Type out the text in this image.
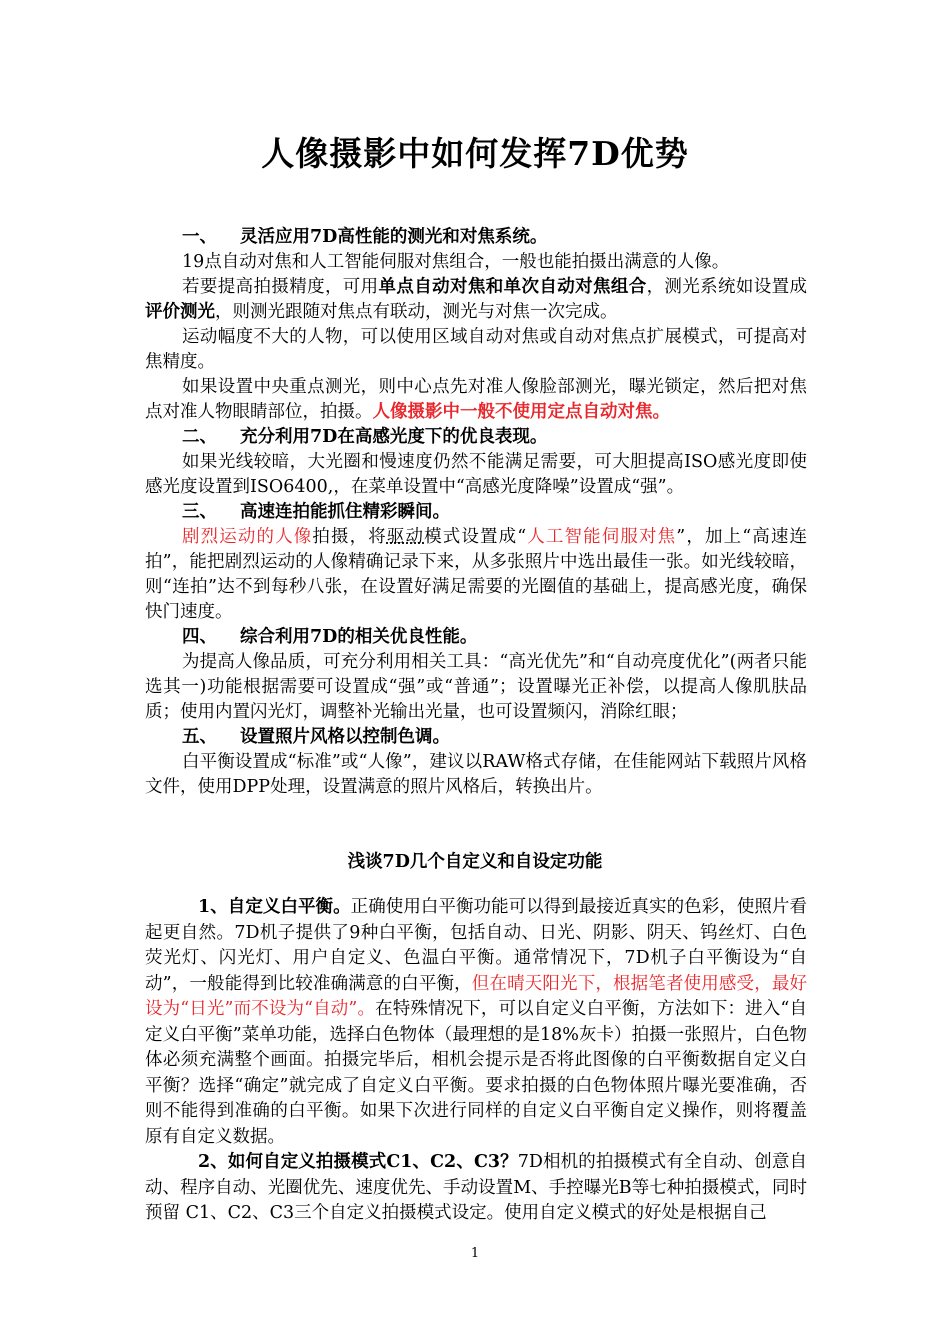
人像摄影中如何发挥7D优势

一、 灵活应用7D高性能的测光和对焦系统。

19点自动对焦和人工智能伺服对焦组合，一般也能拍摄出满意的人像。

若要提高拍摄精度，可用单点自动对焦和单次自动对焦组合，测光系统如设置成评价测光，则测光跟随对焦点有联动，测光与对焦一次完成。

运动幅度不大的人物，可以使用区域自动对焦或自动对焦点扩展模式，可提高对焦精度。

如果设置中央重点测光，则中心点先对准人像脸部测光，曝光锁定，然后把对焦点对准人物眼睛部位，拍摄。人像摄影中一般不使用定点自动对焦。

二、 充分利用7D在高感光度下的优良表现。

如果光线较暗，大光圈和慢速度仍然不能满足需要，可大胆提高ISO感光度即使感光度设置到ISO6400,，在菜单设置中“高感光度降噪”设置成“强”。

三、 高速连拍能抓住精彩瞬间。

剧烈运动的人像拍摄，将驱动模式设置成“人工智能伺服对焦”，加上“高速连拍”，能把剧烈运动的人像精确记录下来，从多张照片中选出最佳一张。如光线较暗，则“连拍”达不到每秒八张，在设置好满足需要的光圈值的基础上，提高感光度，确保快门速度。

四、 综合利用7D的相关优良性能。

为提高人像品质，可充分利用相关工具：“高光优先”和“自动亮度优化”(两者只能选其一)功能根据需要可设置成“强”或“普通”；设置曝光正补偿，以提高人像肌肤品质；使用内置闪光灯，调整补光输出光量，也可设置频闪，消除红眼；

五、 设置照片风格以控制色调。

白平衡设置成“标准”或“人像”，建议以RAW格式存储，在佳能网站下载照片风格文件，使用DPP处理，设置满意的照片风格后，转换出片。

浅谈7D几个自定义和自设定功能

1、自定义白平衡。正确使用白平衡功能可以得到最接近真实的色彩，使照片看起更自然。7D机子提供了9种白平衡，包括自动、日光、阴影、阴天、钨丝灯、白色荧光灯、闪光灯、用户自定义、色温白平衡。通常情况下，7D机子白平衡设为“自动”，一般能得到比较准确满意的白平衡，但在晴天阳光下，根据笔者使用感受，最好设为“日光”而不设为“自动”。在特殊情况下，可以自定义白平衡，方法如下：进入“自定义白平衡”菜单功能，选择白色物体（最理想的是18%灰卡）拍摄一张照片，白色物体必须充满整个画面。拍摄完毕后，相机会提示是否将此图像的白平衡数据自定义白平衡？选择“确定”就完成了自定义白平衡。要求拍摄的白色物体照片曝光要准确，否则不能得到准确的白平衡。如果下次进行同样的自定义白平衡自定义操作，则将覆盖原有自定义数据。

2、如何自定义拍摄模式C1、C2、C3？7D相机的拍摄模式有全自动、创意自动、程序自动、光圈优先、速度优先、手动设置M、手控曝光B等七种拍摄模式，同时预留 C1、C2、C3三个自定义拍摄模式设定。使用自定义模式的好处是根据自己

1
